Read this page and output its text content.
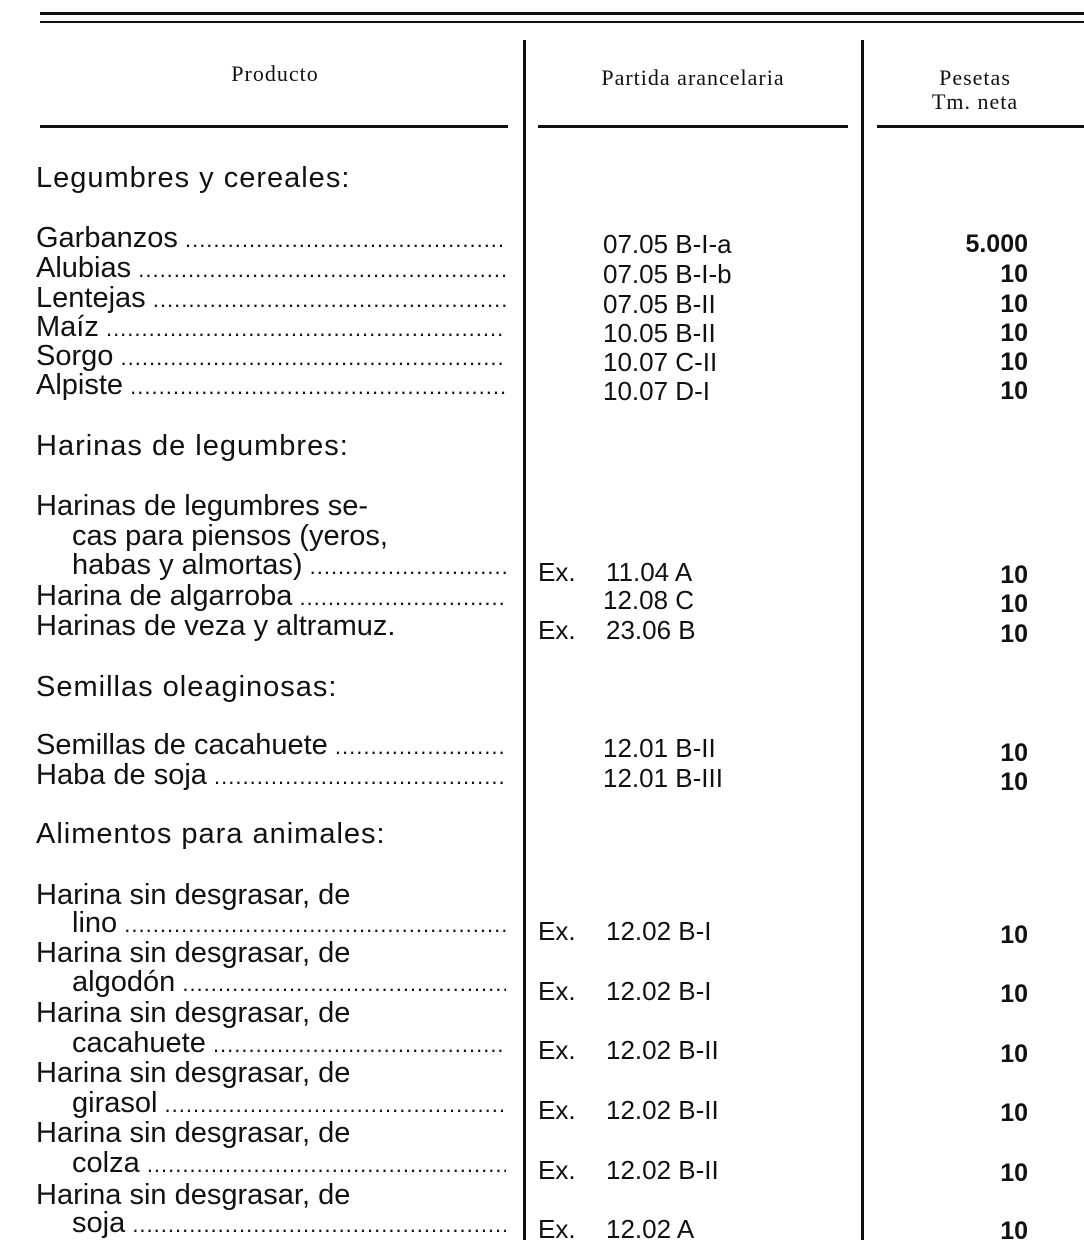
Producto	Partida arancelaria	Pesetas
Tm. neta
Legumbres y cereales:
Garbanzos .....	07.05 B-I-a	5.000
Alubias .....	07.05 B-I-b	10
Lentejas .....	07.05 B-II	10
Maíz .....	10.05 B-II	10
Sorgo .....	10.07 C-II	10
Alpiste .....	10.07 D-I	10
Harinas de legumbres:
Harinas de legumbres se-
cas para piensos (yeros,
habas y almortas) .....	Ex. 11.04 A	10
Harina de algarroba .....	12.08 C	10
Harinas de veza y altramuz.	Ex. 23.06 B	10
Semillas oleaginosas:
Semillas de cacahuete .....	12.01 B-II	10
Haba de soja .....	12.01 B-III	10
Alimentos para animales:
Harina sin desgrasar, de
lino .....	Ex. 12.02 B-I	10
Harina sin desgrasar, de
algodón .....	Ex. 12.02 B-I	10
Harina sin desgrasar, de
cacahuete .....	Ex. 12.02 B-II	10
Harina sin desgrasar, de
girasol .....	Ex. 12.02 B-II	10
Harina sin desgrasar, de
colza .....	Ex. 12.02 B-II	10
Harina sin desgrasar, de
soja .....	Ex. 12.02 A	10
